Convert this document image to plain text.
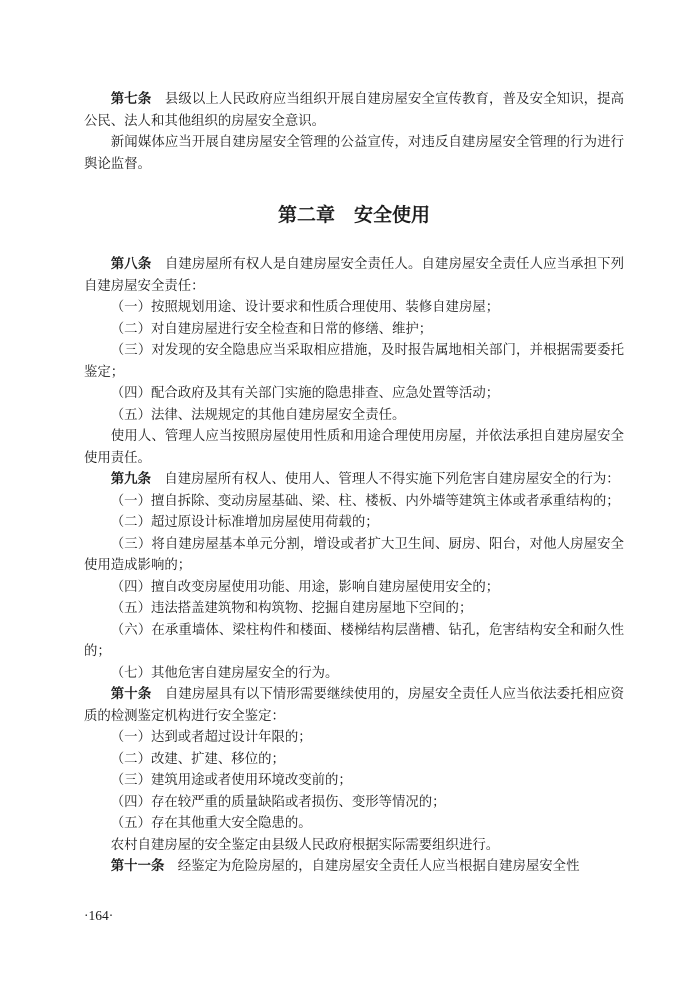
第七条 县级以上人民政府应当组织开展自建房屋安全宣传教育，普及安全知识，提高公民、法人和其他组织的房屋安全意识。

新闻媒体应当开展自建房屋安全管理的公益宣传，对违反自建房屋安全管理的行为进行舆论监督。

第二章　安全使用

第八条 自建房屋所有权人是自建房屋安全责任人。自建房屋安全责任人应当承担下列自建房屋安全责任：

（一）按照规划用途、设计要求和性质合理使用、装修自建房屋；

（二）对自建房屋进行安全检查和日常的修缮、维护；

（三）对发现的安全隐患应当采取相应措施，及时报告属地相关部门，并根据需要委托鉴定；

（四）配合政府及其有关部门实施的隐患排查、应急处置等活动；

（五）法律、法规规定的其他自建房屋安全责任。

使用人、管理人应当按照房屋使用性质和用途合理使用房屋，并依法承担自建房屋安全使用责任。

第九条 自建房屋所有权人、使用人、管理人不得实施下列危害自建房屋安全的行为：

（一）擅自拆除、变动房屋基础、梁、柱、楼板、内外墙等建筑主体或者承重结构的；

（二）超过原设计标准增加房屋使用荷载的；

（三）将自建房屋基本单元分割，增设或者扩大卫生间、厨房、阳台，对他人房屋安全使用造成影响的；

（四）擅自改变房屋使用功能、用途，影响自建房屋使用安全的；

（五）违法搭盖建筑物和构筑物、挖掘自建房屋地下空间的；

（六）在承重墙体、梁柱构件和楼面、楼梯结构层凿槽、钻孔，危害结构安全和耐久性的；

（七）其他危害自建房屋安全的行为。

第十条 自建房屋具有以下情形需要继续使用的，房屋安全责任人应当依法委托相应资质的检测鉴定机构进行安全鉴定：

（一）达到或者超过设计年限的；

（二）改建、扩建、移位的；

（三）建筑用途或者使用环境改变前的；

（四）存在较严重的质量缺陷或者损伤、变形等情况的；

（五）存在其他重大安全隐患的。

农村自建房屋的安全鉴定由县级人民政府根据实际需要组织进行。

第十一条 经鉴定为危险房屋的，自建房屋安全责任人应当根据自建房屋安全性

·164·
